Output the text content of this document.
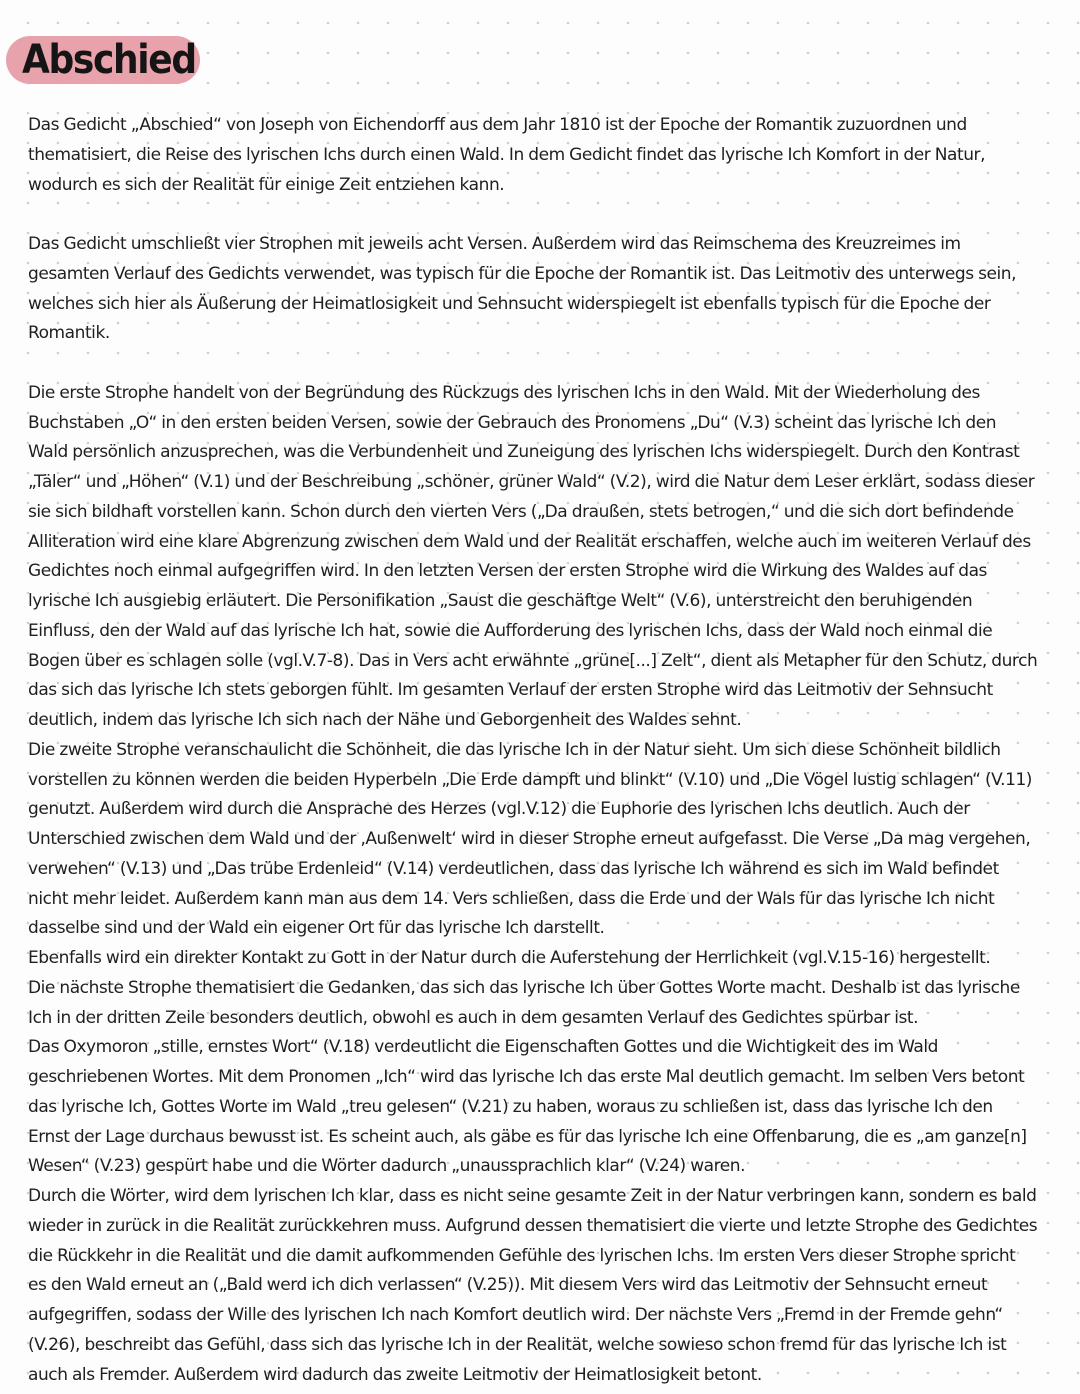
Abschied

Das Gedicht „Abschied“ von Joseph von Eichendorff aus dem Jahr 1810 ist der Epoche der Romantik zuzuordnen und thematisiert, die Reise des lyrischen Ichs durch einen Wald. In dem Gedicht findet das lyrische Ich Komfort in der Natur, wodurch es sich der Realität für einige Zeit entziehen kann.

Das Gedicht umschließt vier Strophen mit jeweils acht Versen. Außerdem wird das Reimschema des Kreuzreimes im gesamten Verlauf des Gedichts verwendet, was typisch für die Epoche der Romantik ist. Das Leitmotiv des unterwegs sein, welches sich hier als Äußerung der Heimatlosigkeit und Sehnsucht widerspiegelt ist ebenfalls typisch für die Epoche der Romantik.

Die erste Strophe handelt von der Begründung des Rückzugs des lyrischen Ichs in den Wald. Mit der Wiederholung des Buchstaben „O“ in den ersten beiden Versen, sowie der Gebrauch des Pronomens „Du“ (V.3) scheint das lyrische Ich den Wald persönlich anzusprechen, was die Verbundenheit und Zuneigung des lyrischen Ichs widerspiegelt. Durch den Kontrast „Täler“ und „Höhen“ (V.1) und der Beschreibung „schöner, grüner Wald“ (V.2), wird die Natur dem Leser erklärt, sodass dieser sie sich bildhaft vorstellen kann. Schon durch den vierten Vers („Da draußen, stets betrogen,“ und die sich dort befindende Alliteration wird eine klare Abgrenzung zwischen dem Wald und der Realität erschaffen, welche auch im weiteren Verlauf des Gedichtes noch einmal aufgegriffen wird. In den letzten Versen der ersten Strophe wird die Wirkung des Waldes auf das lyrische Ich ausgiebig erläutert. Die Personifikation „Saust die geschäftge Welt“ (V.6), unterstreicht den beruhigenden Einfluss, den der Wald auf das lyrische Ich hat, sowie die Aufforderung des lyrischen Ichs, dass der Wald noch einmal die Bogen über es schlagen solle (vgl.V.7-8). Das in Vers acht erwähnte „grüne[...] Zelt“, dient als Metapher für den Schutz, durch das sich das lyrische Ich stets geborgen fühlt. Im gesamten Verlauf der ersten Strophe wird das Leitmotiv der Sehnsucht deutlich, indem das lyrische Ich sich nach der Nähe und Geborgenheit des Waldes sehnt.

Die zweite Strophe veranschaulicht die Schönheit, die das lyrische Ich in der Natur sieht. Um sich diese Schönheit bildlich vorstellen zu können werden die beiden Hyperbeln „Die Erde dampft und blinkt“ (V.10) und „Die Vögel lustig schlagen“ (V.11) genutzt. Außerdem wird durch die Ansprache des Herzes (vgl.V.12) die Euphorie des lyrischen Ichs deutlich. Auch der Unterschied zwischen dem Wald und der ‚Außenwelt‘ wird in dieser Strophe erneut aufgefasst. Die Verse „Da mag vergehen, verwehen“ (V.13) und „Das trübe Erdenleid“ (V.14) verdeutlichen, dass das lyrische Ich während es sich im Wald befindet nicht mehr leidet. Außerdem kann man aus dem 14. Vers schließen, dass die Erde und der Wals für das lyrische Ich nicht dasselbe sind und der Wald ein eigener Ort für das lyrische Ich darstellt.

Ebenfalls wird ein direkter Kontakt zu Gott in der Natur durch die Auferstehung der Herrlichkeit (vgl.V.15-16) hergestellt.

Die nächste Strophe thematisiert die Gedanken, das sich das lyrische Ich über Gottes Worte macht. Deshalb ist das lyrische Ich in der dritten Zeile besonders deutlich, obwohl es auch in dem gesamten Verlauf des Gedichtes spürbar ist.

Das Oxymoron „stille, ernstes Wort“ (V.18) verdeutlicht die Eigenschaften Gottes und die Wichtigkeit des im Wald geschriebenen Wortes. Mit dem Pronomen „Ich“ wird das lyrische Ich das erste Mal deutlich gemacht. Im selben Vers betont das lyrische Ich, Gottes Worte im Wald „treu gelesen“ (V.21) zu haben, woraus zu schließen ist, dass das lyrische Ich den Ernst der Lage durchaus bewusst ist. Es scheint auch, als gäbe es für das lyrische Ich eine Offenbarung, die es „am ganze[n] Wesen“ (V.23) gespürt habe und die Wörter dadurch „unaussprachlich klar“ (V.24) waren.

Durch die Wörter, wird dem lyrischen Ich klar, dass es nicht seine gesamte Zeit in der Natur verbringen kann, sondern es bald wieder in zurück in die Realität zurückkehren muss. Aufgrund dessen thematisiert die vierte und letzte Strophe des Gedichtes die Rückkehr in die Realität und die damit aufkommenden Gefühle des lyrischen Ichs. Im ersten Vers dieser Strophe spricht es den Wald erneut an („Bald werd ich dich verlassen“ (V.25)). Mit diesem Vers wird das Leitmotiv der Sehnsucht erneut aufgegriffen, sodass der Wille des lyrischen Ich nach Komfort deutlich wird. Der nächste Vers „Fremd in der Fremde gehn“ (V.26), beschreibt das Gefühl, dass sich das lyrische Ich in der Realität, welche sowieso schon fremd für das lyrische Ich ist auch als Fremder. Außerdem wird dadurch das zweite Leitmotiv der Heimatlosigkeit betont.
